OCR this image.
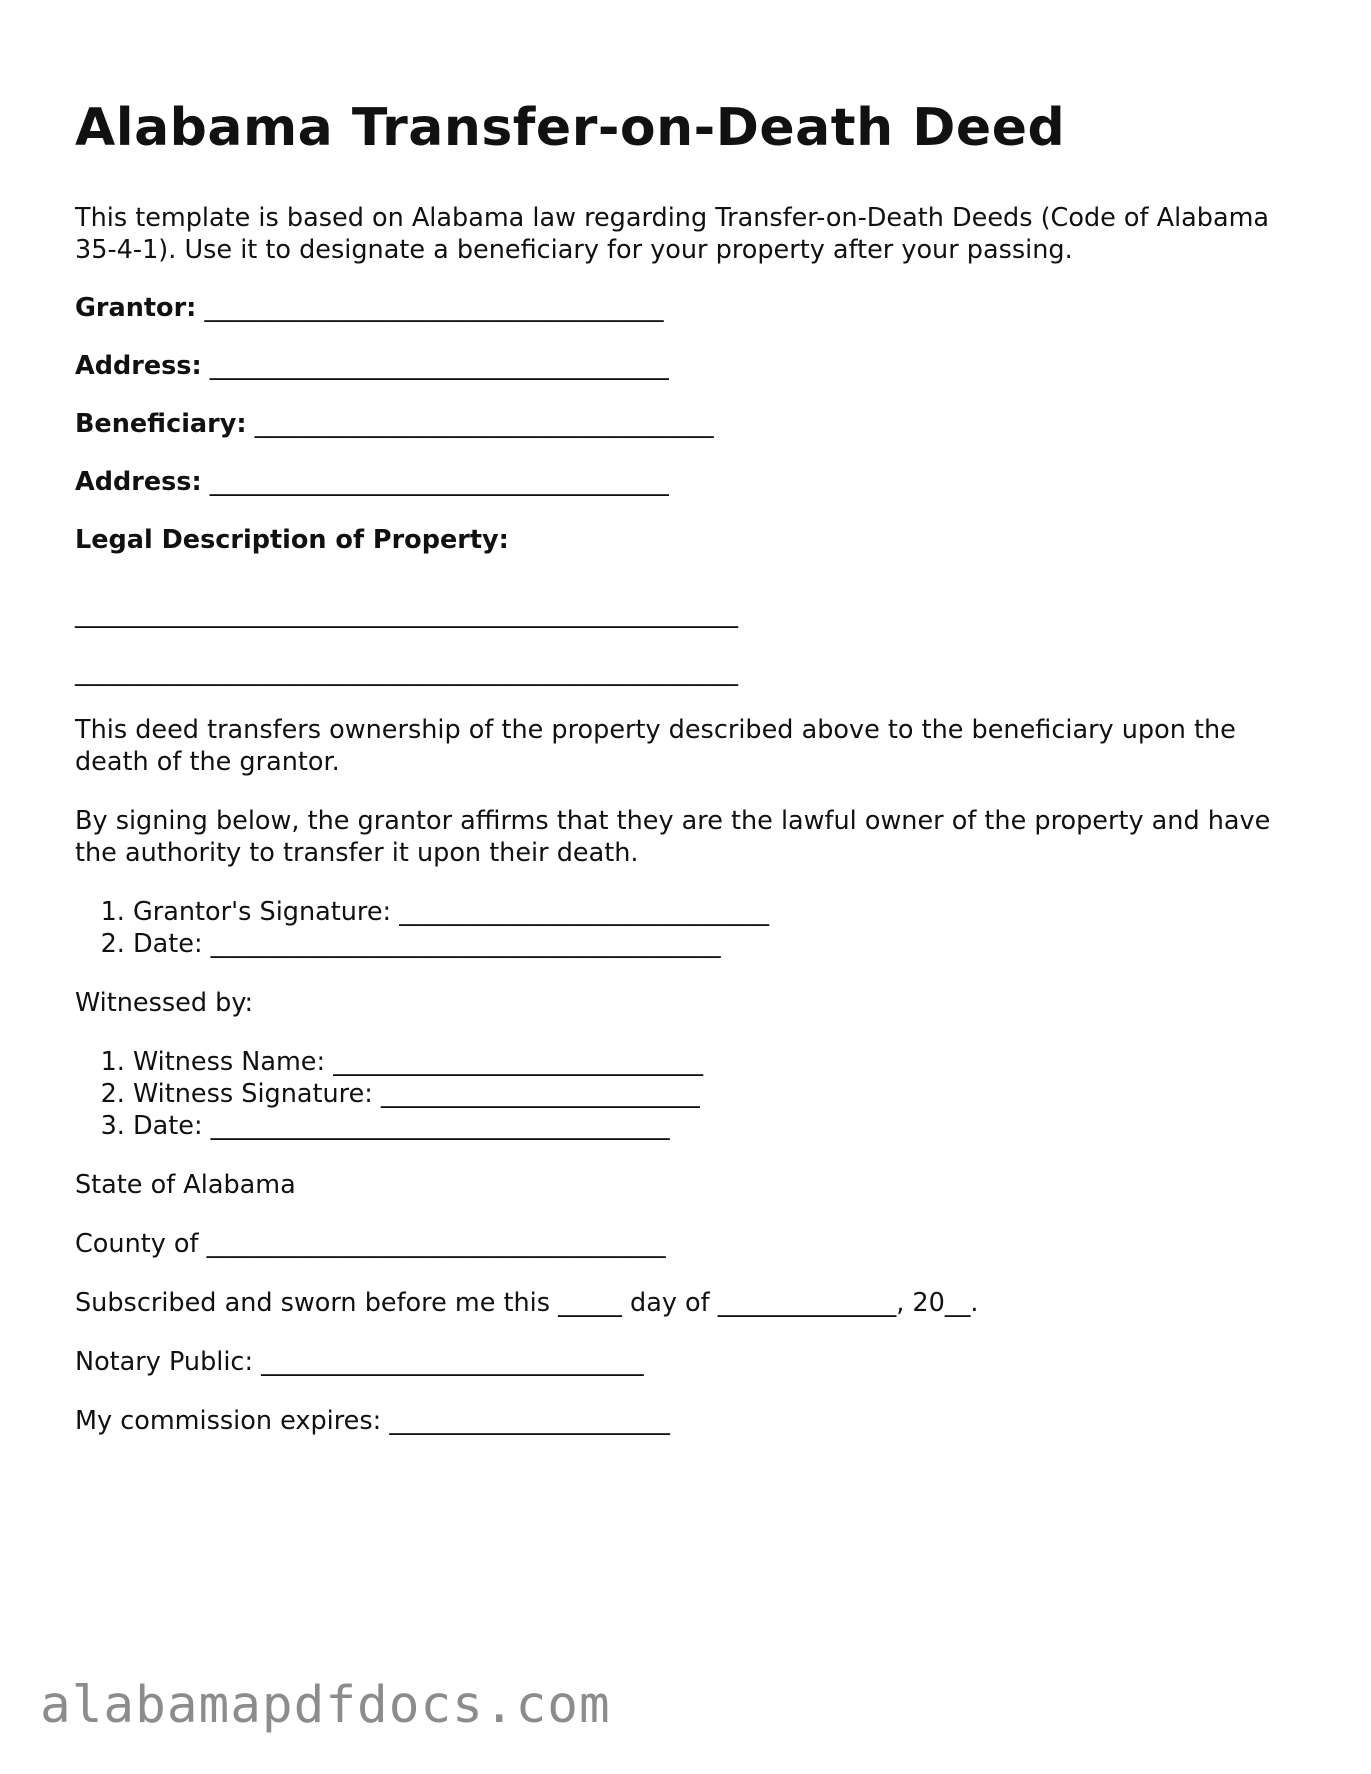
Alabama Transfer-on-Death Deed

This template is based on Alabama law regarding Transfer-on-Death Deeds (Code of Alabama 35-4-1). Use it to designate a beneficiary for your property after your passing.

Grantor: ____________________________________
Address: ____________________________________
Beneficiary: ____________________________________
Address: ____________________________________
Legal Description of Property:
____________________________________________________
____________________________________________________

This deed transfers ownership of the property described above to the beneficiary upon the death of the grantor.

By signing below, the grantor affirms that they are the lawful owner of the property and have the authority to transfer it upon their death.

1. Grantor's Signature: _____________________________
2. Date: ________________________________________

Witnessed by:

1. Witness Name: _____________________________
2. Witness Signature: _________________________
3. Date: ____________________________________

State of Alabama

County of ____________________________________

Subscribed and sworn before me this _____ day of ______________, 20__.

Notary Public: ______________________________

My commission expires: ______________________

alabamapdfdocs.com
